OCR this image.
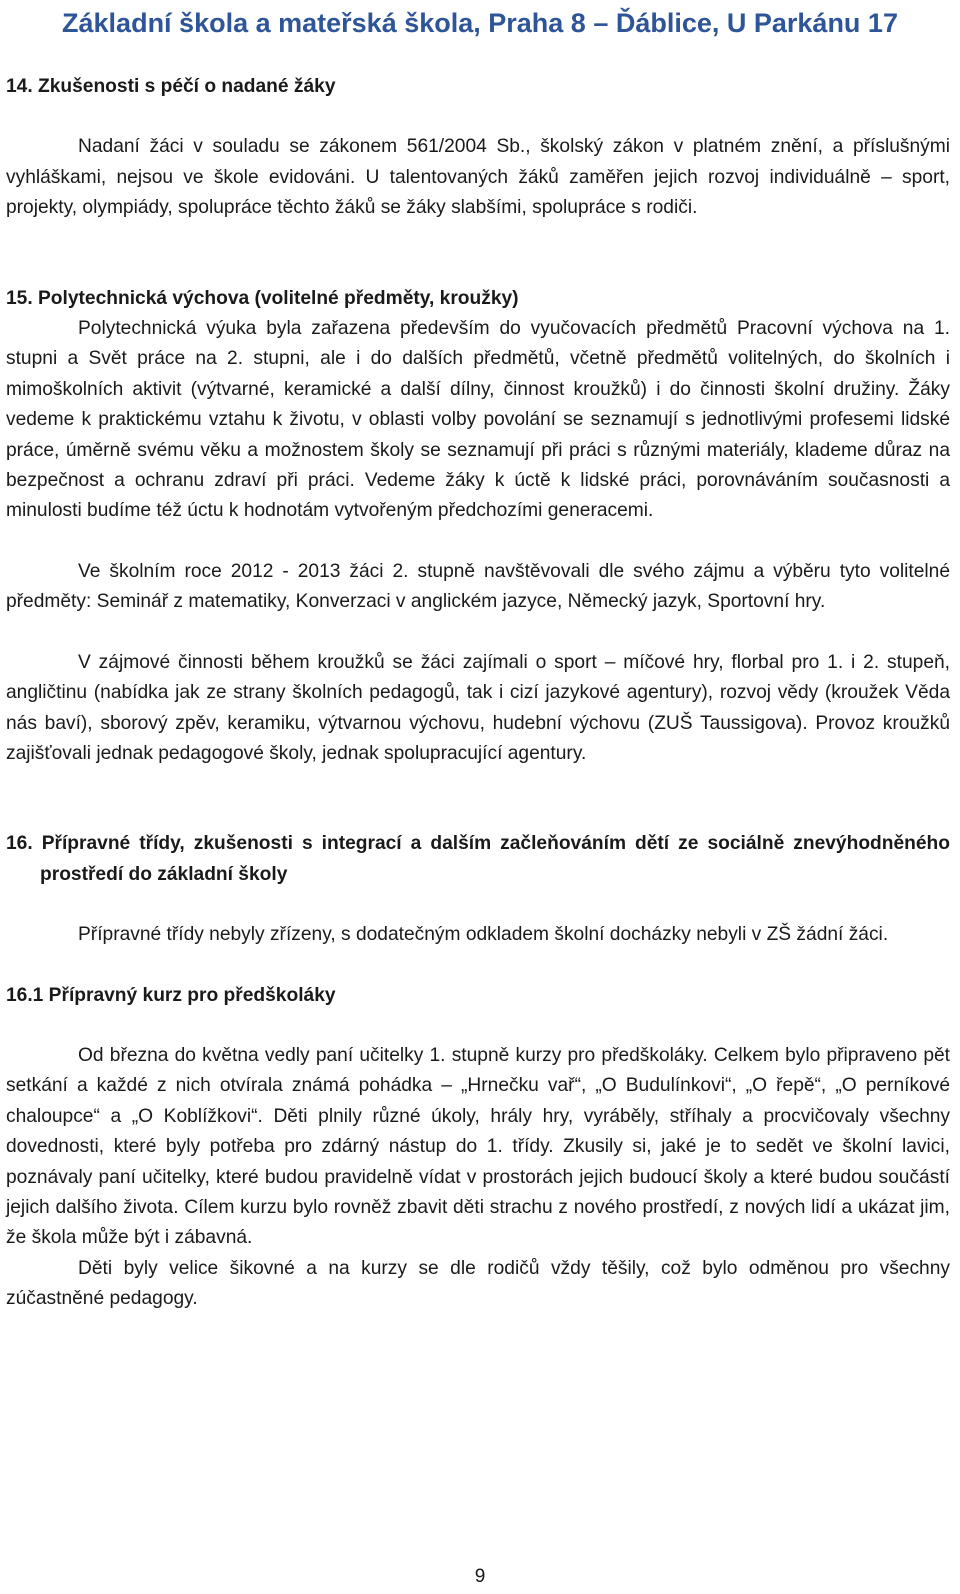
Základní škola a mateřská škola, Praha 8 – Ďáblice, U Parkánu 17

14. Zkušenosti s péčí o nadané žáky

Nadaní žáci v souladu se zákonem 561/2004 Sb., školský zákon v platném znění, a příslušnými vyhláškami, nejsou ve škole evidováni. U talentovaných žáků zaměřen jejich rozvoj individuálně – sport, projekty, olympiády, spolupráce těchto žáků se žáky slabšími, spolupráce s rodiči.

15. Polytechnická výchova (volitelné předměty, kroužky)

Polytechnická výuka byla zařazena především do vyučovacích předmětů Pracovní výchova na 1. stupni a Svět práce na 2. stupni, ale i do dalších předmětů, včetně předmětů volitelných, do školních i mimoškolních aktivit (výtvarné, keramické a další dílny, činnost kroužků) i do činnosti školní družiny. Žáky vedeme k praktickému vztahu k životu, v oblasti volby povolání se seznamují s jednotlivými profesemi lidské práce, úměrně svému věku a možnostem školy se seznamují při práci s různými materiály, klademe důraz na bezpečnost a ochranu zdraví při práci. Vedeme žáky k úctě k lidské práci, porovnáváním současnosti a minulosti budíme též úctu k hodnotám vytvořeným předchozími generacemi.

Ve školním roce 2012 - 2013 žáci 2. stupně navštěvovali dle svého zájmu a výběru tyto volitelné předměty: Seminář z matematiky, Konverzaci v anglickém jazyce, Německý jazyk, Sportovní hry.

V zájmové činnosti během kroužků se žáci zajímali o sport – míčové hry, florbal pro 1. i 2. stupeň, angličtinu (nabídka jak ze strany školních pedagogů, tak i cizí jazykové agentury), rozvoj vědy (kroužek Věda nás baví), sborový zpěv, keramiku, výtvarnou výchovu, hudební výchovu (ZUŠ Taussigova). Provoz kroužků zajišťovali jednak pedagogové školy, jednak spolupracující agentury.

16. Přípravné třídy, zkušenosti s integrací a dalším začleňováním dětí ze sociálně znevýhodněného prostředí do základní školy

Přípravné třídy nebyly zřízeny, s dodatečným odkladem školní docházky nebyli v ZŠ žádní žáci.

16.1 Přípravný kurz pro předškoláky

Od března do května vedly paní učitelky 1. stupně kurzy pro předškoláky. Celkem bylo připraveno pět setkání a každé z nich otvírala známá pohádka – „Hrnečku vař“, „O Budulínkovi“, „O řepě“, „O perníkové chaloupce“ a „O Koblížkovi“. Děti plnily různé úkoly, hrály hry, vyráběly, stříhaly a procvičovaly všechny dovednosti, které byly potřeba pro zdárný nástup do 1. třídy. Zkusily si, jaké je to sedět ve školní lavici, poznávaly paní učitelky, které budou pravidelně vídat v prostorách jejich budoucí školy a které budou součástí jejich dalšího života. Cílem kurzu bylo rovněž zbavit děti strachu z nového prostředí, z nových lidí a ukázat jim, že škola může být i zábavná.

Děti byly velice šikovné a na kurzy se dle rodičů vždy těšily, což bylo odměnou pro všechny zúčastněné pedagogy.

9
